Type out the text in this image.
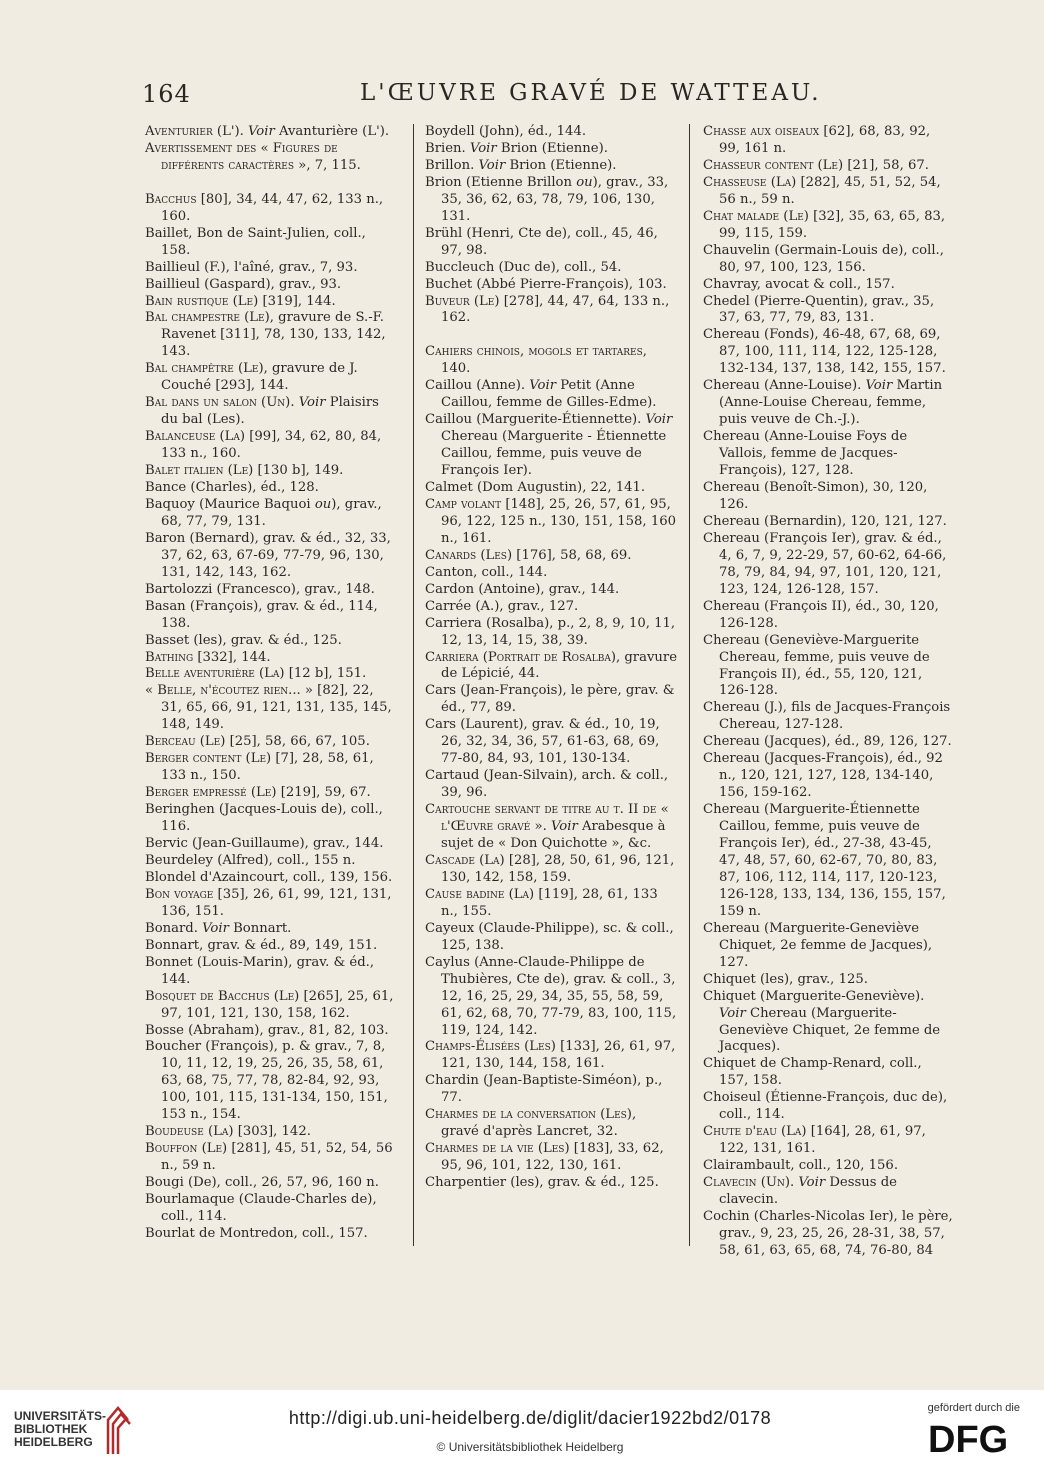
164	L'ŒUVRE GRAVÉ DE WATTEAU.
Aventurier (L'). Voir Avanturière (L').
Avertissement des « Figures de différents caractères », 7, 115.
Bacchus [80], 34, 44, 47, 62, 133 n., 160.
Baillet, Bon de Saint-Julien, coll., 158.
Baillieul (F.), l'aîné, grav., 7, 93.
Baillieul (Gaspard), grav., 93.
Bain rustique (Le) [319], 144.
Bal champestre (Le), gravure de S.-F. Ravenet [311], 78, 130, 133, 142, 143.
Bal champêtre (Le), gravure de J. Couché [293], 144.
Bal dans un salon (Un). Voir Plaisirs du bal (Les).
Balanceuse (La) [99], 34, 62, 80, 84, 133 n., 160.
Balet italien (Le) [130 b], 149.
Bance (Charles), éd., 128.
Baquoy (Maurice Baquoi ou), grav., 68, 77, 79, 131.
Baron (Bernard), grav. & éd., 32, 33, 37, 62, 63, 67-69, 77-79, 96, 130, 131, 142, 143, 162.
Bartolozzi (Francesco), grav., 148.
Basan (François), grav. & éd., 114, 138.
Basset (les), grav. & éd., 125.
Bathing [332], 144.
Belle aventurière (La) [12 b], 151.
« Belle, n'écoutez rien... » [82], 22, 31, 65, 66, 91, 121, 131, 135, 145, 148, 149.
Berceau (Le) [25], 58, 66, 67, 105.
Berger content (Le) [7], 28, 58, 61, 133 n., 150.
Berger empressé (Le) [219], 59, 67.
Beringhen (Jacques-Louis de), coll., 116.
Bervic (Jean-Guillaume), grav., 144.
Beurdeley (Alfred), coll., 155 n.
Blondel d'Azaincourt, coll., 139, 156.
Bon voyage [35], 26, 61, 99, 121, 131, 136, 151.
Bonard. Voir Bonnart.
Bonnart, grav. & éd., 89, 149, 151.
Bonnet (Louis-Marin), grav. & éd., 144.
Bosquet de Bacchus (Le) [265], 25, 61, 97, 101, 121, 130, 158, 162.
Bosse (Abraham), grav., 81, 82, 103.
Boucher (François), p. & grav., 7, 8, 10, 11, 12, 19, 25, 26, 35, 58, 61, 63, 68, 75, 77, 78, 82-84, 92, 93, 100, 101, 115, 131-134, 150, 151, 153 n., 154.
Boudeuse (La) [303], 142.
Bouffon (Le) [281], 45, 51, 52, 54, 56 n., 59 n.
Bougi (De), coll., 26, 57, 96, 160 n.
Bourlamaque (Claude-Charles de), coll., 114.
Bourlat de Montredon, coll., 157.
Boydell (John), éd., 144.
Brien. Voir Brion (Etienne).
Brillon. Voir Brion (Etienne).
Brion (Etienne Brillon ou), grav., 33, 35, 36, 62, 63, 78, 79, 106, 130, 131.
Brühl (Henri, Cte de), coll., 45, 46, 97, 98.
Buccleuch (Duc de), coll., 54.
Buchet (Abbé Pierre-François), 103.
Buveur (Le) [278], 44, 47, 64, 133 n., 162.
Cahiers chinois, mogols et tartares, 140.
Caillou (Anne). Voir Petit (Anne Caillou, femme de Gilles-Edme).
Caillou (Marguerite-Étiennette). Voir Chereau (Marguerite - Étiennette Caillou, femme, puis veuve de François Ier).
Calmet (Dom Augustin), 22, 141.
Camp volant [148], 25, 26, 57, 61, 95, 96, 122, 125 n., 130, 151, 158, 160 n., 161.
Canards (Les) [176], 58, 68, 69.
Canton, coll., 144.
Cardon (Antoine), grav., 144.
Carrée (A.), grav., 127.
Carriera (Rosalba), p., 2, 8, 9, 10, 11, 12, 13, 14, 15, 38, 39.
Carriera (Portrait de Rosalba), gravure de Lépicié, 44.
Cars (Jean-François), le père, grav. & éd., 77, 89.
Cars (Laurent), grav. & éd., 10, 19, 26, 32, 34, 36, 57, 61-63, 68, 69, 77-80, 84, 93, 101, 130-134.
Cartaud (Jean-Silvain), arch. & coll., 39, 96.
Cartouche servant de titre au t. II de « l'Œuvre gravé ». Voir Arabesque à sujet de « Don Quichotte », &c.
Cascade (La) [28], 28, 50, 61, 96, 121, 130, 142, 158, 159.
Cause badine (La) [119], 28, 61, 133 n., 155.
Cayeux (Claude-Philippe), sc. & coll., 125, 138.
Caylus (Anne-Claude-Philippe de Thubières, Cte de), grav. & coll., 3, 12, 16, 25, 29, 34, 35, 55, 58, 59, 61, 62, 68, 70, 77-79, 83, 100, 115, 119, 124, 142.
Champs-Élisées (Les) [133], 26, 61, 97, 121, 130, 144, 158, 161.
Chardin (Jean-Baptiste-Siméon), p., 77.
Charmes de la conversation (Les), gravé d'après Lancret, 32.
Charmes de la vie (Les) [183], 33, 62, 95, 96, 101, 122, 130, 161.
Charpentier (les), grav. & éd., 125.
Chasse aux oiseaux [62], 68, 83, 92, 99, 161 n.
Chasseur content (Le) [21], 58, 67.
Chasseuse (La) [282], 45, 51, 52, 54, 56 n., 59 n.
Chat malade (Le) [32], 35, 63, 65, 83, 99, 115, 159.
Chauvelin (Germain-Louis de), coll., 80, 97, 100, 123, 156.
Chavray, avocat & coll., 157.
Chedel (Pierre-Quentin), grav., 35, 37, 63, 77, 79, 83, 131.
Chereau (Fonds), 46-48, 67, 68, 69, 87, 100, 111, 114, 122, 125-128, 132-134, 137, 138, 142, 155, 157.
Chereau (Anne-Louise). Voir Martin (Anne-Louise Chereau, femme, puis veuve de Ch.-J.).
Chereau (Anne-Louise Foys de Vallois, femme de Jacques-François), 127, 128.
Chereau (Benoît-Simon), 30, 120, 126.
Chereau (Bernardin), 120, 121, 127.
Chereau (François Ier), grav. & éd., 4, 6, 7, 9, 22-29, 57, 60-62, 64-66, 78, 79, 84, 94, 97, 101, 120, 121, 123, 124, 126-128, 157.
Chereau (François II), éd., 30, 120, 126-128.
Chereau (Geneviève-Marguerite Chereau, femme, puis veuve de François II), éd., 55, 120, 121, 126-128.
Chereau (J.), fils de Jacques-François Chereau, 127-128.
Chereau (Jacques), éd., 89, 126, 127.
Chereau (Jacques-François), éd., 92 n., 120, 121, 127, 128, 134-140, 156, 159-162.
Chereau (Marguerite-Étiennette Caillou, femme, puis veuve de François Ier), éd., 27-38, 43-45, 47, 48, 57, 60, 62-67, 70, 80, 83, 87, 106, 112, 114, 117, 120-123, 126-128, 133, 134, 136, 155, 157, 159 n.
Chereau (Marguerite-Geneviève Chiquet, 2e femme de Jacques), 127.
Chiquet (les), grav., 125.
Chiquet (Marguerite-Geneviève). Voir Chereau (Marguerite-Geneviève Chiquet, 2e femme de Jacques).
Chiquet de Champ-Renard, coll., 157, 158.
Choiseul (Étienne-François, duc de), coll., 114.
Chute d'eau (La) [164], 28, 61, 97, 122, 131, 161.
Clairambault, coll., 120, 156.
Clavecin (Un). Voir Dessus de clavecin.
Cochin (Charles-Nicolas Ier), le père, grav., 9, 23, 25, 26, 28-31, 38, 57, 58, 61, 63, 65, 68, 74, 76-80, 84
UNIVERSITÄTS-
BIBLIOTHEK
HEIDELBERG
http://digi.ub.uni-heidelberg.de/diglit/dacier1922bd2/0178
© Universitätsbibliothek Heidelberg
gefördert durch die
DFG
